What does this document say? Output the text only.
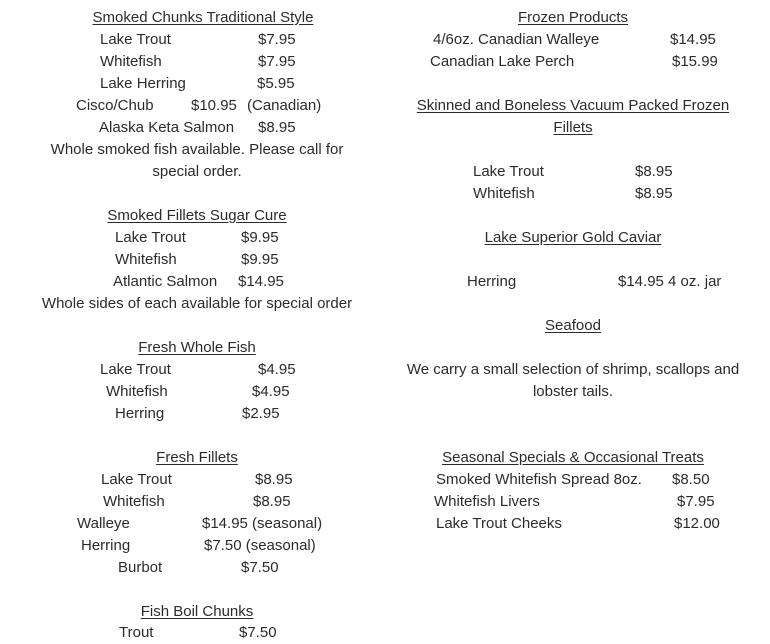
Smoked Chunks Traditional Style
Lake Trout	$7.95
Whitefish	$7.95
Lake Herring	$5.95
Cisco/Chub $10.95 (Canadian)
Alaska Keta Salmon $8.95
Whole smoked fish available. Please call for
special order.
Smoked Fillets Sugar Cure
Lake Trout	$9.95
Whitefish	$9.95
Atlantic Salmon $14.95
Whole sides of each available for special order
Fresh Whole Fish
Lake Trout	$4.95
Whitefish	$4.95
Herring	$2.95
Fresh Fillets
Lake Trout	$8.95
Whitefish	$8.95
Walleye	$14.95 (seasonal)
Herring	$7.50 (seasonal)
Burbot	$7.50
Fish Boil Chunks
Trout	$7.50
Frozen Products
4/6oz. Canadian Walleye	$14.95
Canadian Lake Perch	$15.99
Skinned and Boneless Vacuum Packed Frozen
Fillets
Lake Trout	$8.95
Whitefish	$8.95
Lake Superior Gold Caviar
Herring	$14.95 4 oz. jar
Seafood
We carry a small selection of shrimp, scallops and
lobster tails.
Seasonal Specials & Occasional Treats
Smoked Whitefish Spread 8oz. $8.50
Whitefish Livers	$7.95
Lake Trout Cheeks	$12.00
